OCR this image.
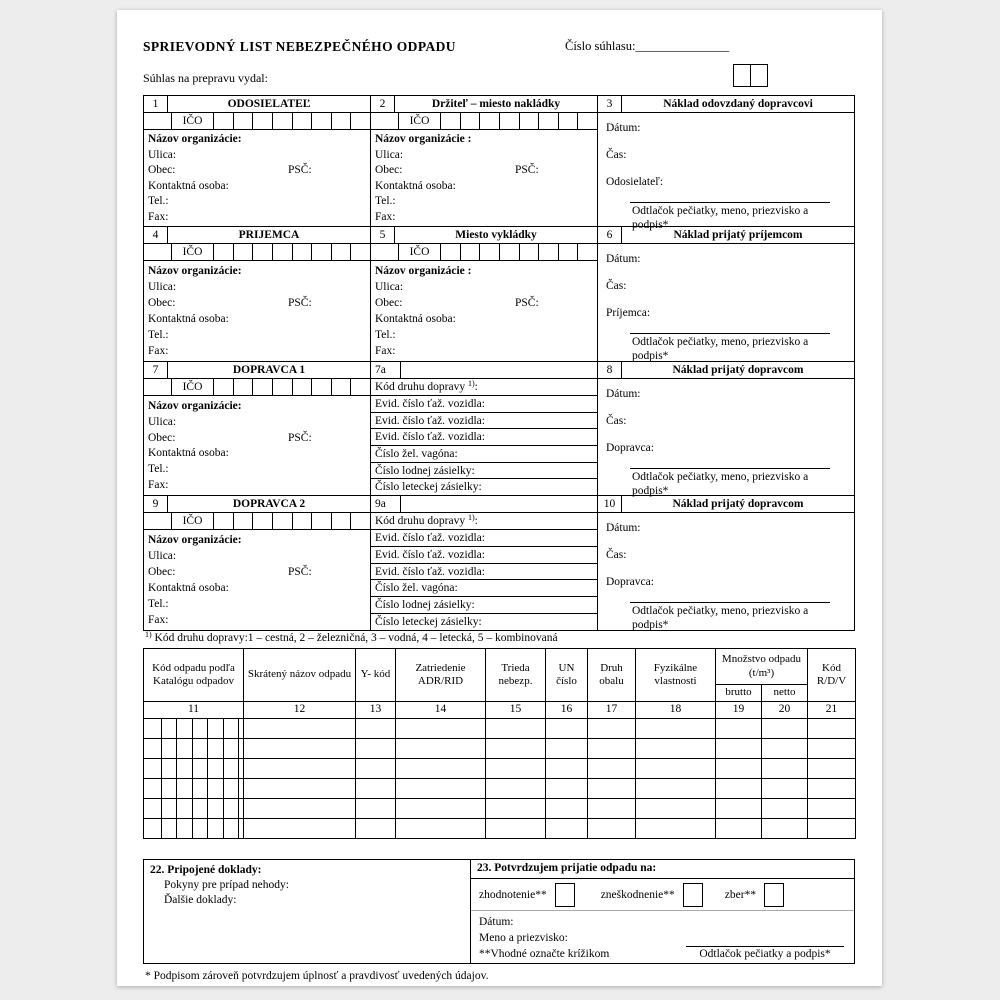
SPRIEVODNÝ LIST NEBEZPEČNÉHO ODPADU	Číslo súhlasu:_______________
Súhlas na prepravu vydal:
1	ODOSIELATEĽ
IČO
Názov organizácie:
Ulica:
Obec:	PSČ:
Kontaktná osoba:
Tel.:
Fax:
2	Držiteľ – miesto nakládky
IČO
Názov organizácie :
Ulica:
Obec:	PSČ:
Kontaktná osoba:
Tel.:
Fax:
3	Náklad odovzdaný dopravcovi
Dátum:
Čas:
Odosielateľ:
Odtlačok pečiatky, meno, priezvisko a podpis*
4	PRIJEMCA
IČO
Názov organizácie:
Ulica:
Obec:	PSČ:
Kontaktná osoba:
Tel.:
Fax:
5	Miesto vykládky
IČO
Názov organizácie :
Ulica:
Obec:	PSČ:
Kontaktná osoba:
Tel.:
Fax:
6	Náklad prijatý príjemcom
Dátum:
Čas:
Príjemca:
Odtlačok pečiatky, meno, priezvisko a podpis*
7	DOPRAVCA 1
IČO
Názov organizácie:
Ulica:
Obec:	PSČ:
Kontaktná osoba:
Tel.:
Fax:
7a
Kód druhu dopravy $^{1)}$:
Evid. číslo ťaž. vozidla:
Evid. číslo ťaž. vozidla:
Evid. číslo ťaž. vozidla:
Číslo žel. vagóna:
Číslo lodnej zásielky:
Číslo leteckej zásielky:
8	Náklad prijatý dopravcom
Dátum:
Čas:
Dopravca:
Odtlačok pečiatky, meno, priezvisko a podpis*
9	DOPRAVCA 2
IČO
Názov organizácie:
Ulica:
Obec:	PSČ:
Kontaktná osoba:
Tel.:
Fax:
9a
Kód druhu dopravy $^{1)}$:
Evid. číslo ťaž. vozidla:
Evid. číslo ťaž. vozidla:
Evid. číslo ťaž. vozidla:
Číslo žel. vagóna:
Číslo lodnej zásielky:
Číslo leteckej zásielky:
10	Náklad prijatý dopravcom
Dátum:
Čas:
Dopravca:
Odtlačok pečiatky, meno, priezvisko a podpis*
$^{1)}$ Kód druhu dopravy:1 – cestná, 2 – železničná, 3 – vodná, 4 – letecká, 5 – kombinovaná
Kód odpadu podľa Katalógu odpadov	Skrátený názov odpadu	Y- kód	Zatriedenie ADR/RID	Trieda nebezp.	UN číslo	Druh obalu	Fyzikálne vlastnosti	Množstvo odpadu (t/m³)		Kód R/D/V
								brutto	netto	
11	12	13	14	15	16	17	18	19	20	21

22. Pripojené doklady:
Pokyny pre prípad nehody:
Ďalšie doklady:
23. Potvrdzujem prijatie odpadu na:
zhodnotenie**	zneškodnenie**	zber**
Dátum:
Meno a priezvisko:
**Vhodné označte krížikom	Odtlačok pečiatky a podpis*
* Podpisom zároveň potvrdzujem úplnosť a pravdivosť uvedených údajov.
